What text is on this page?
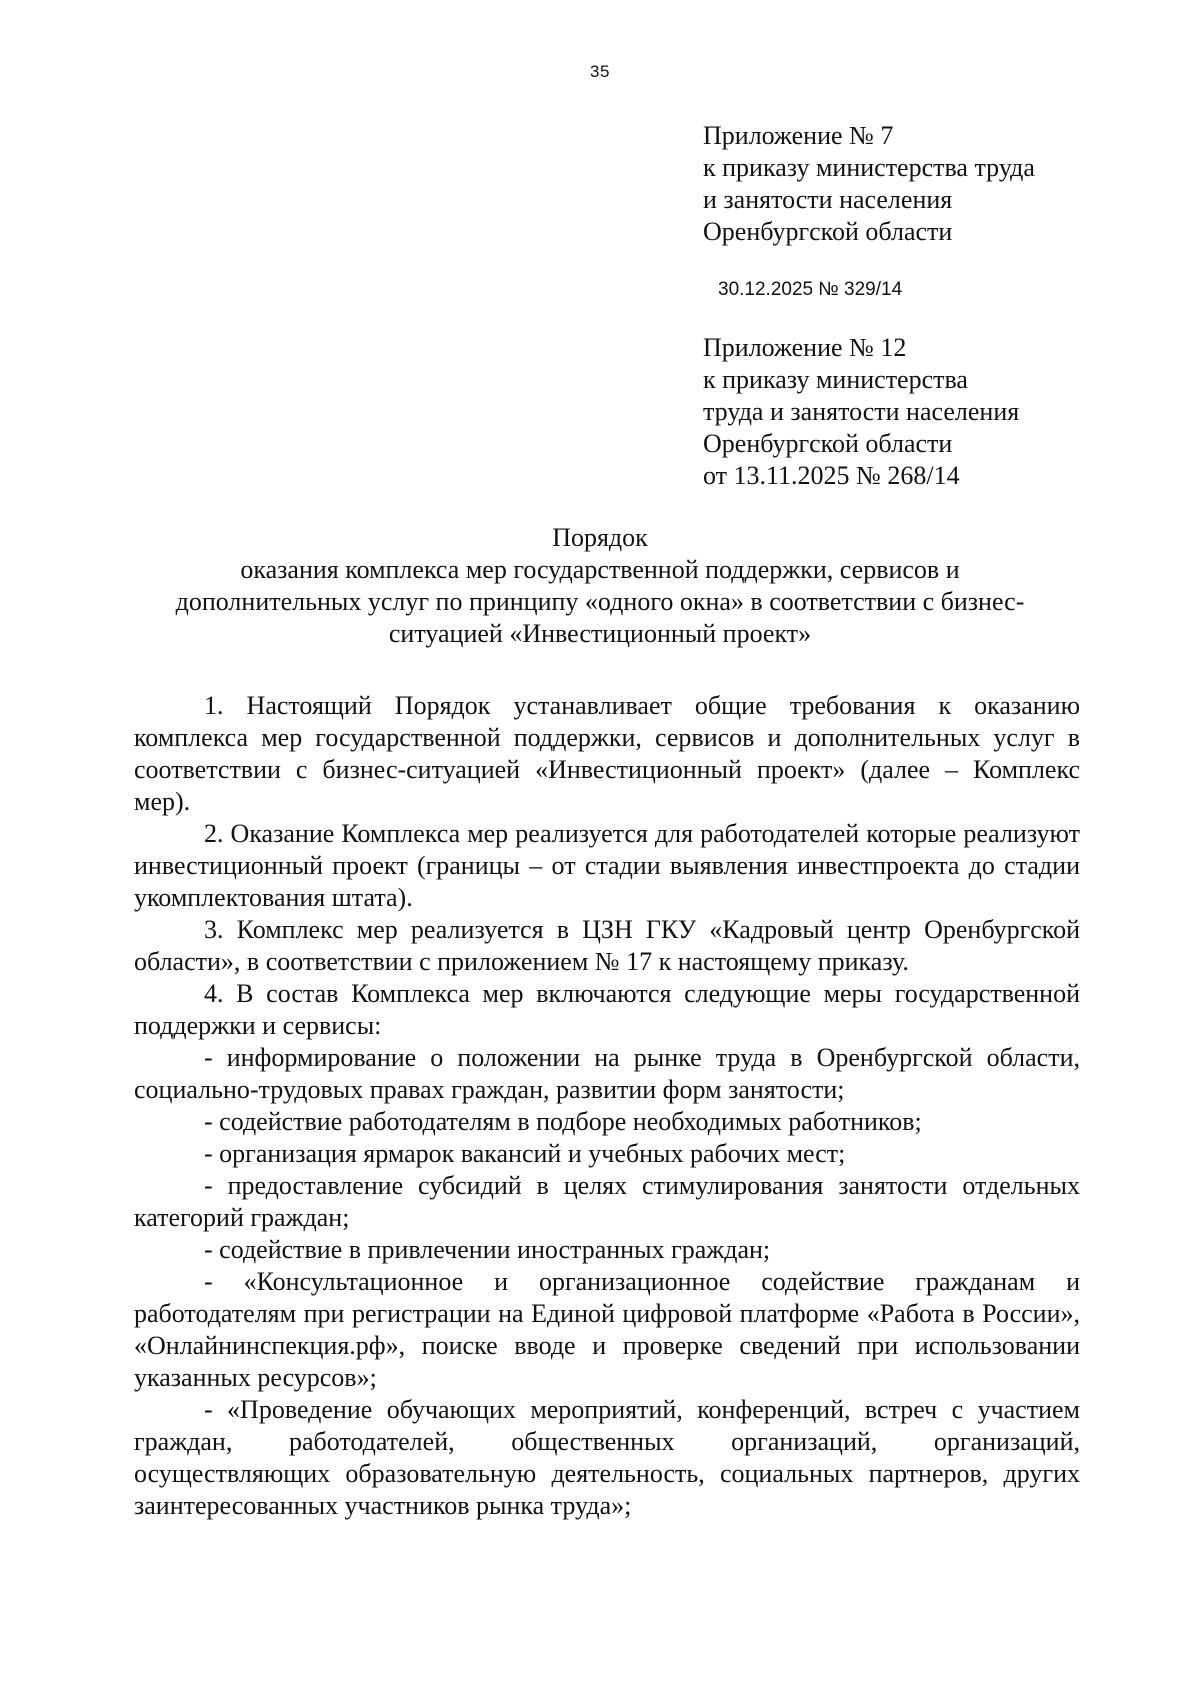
35
Приложение № 7
к приказу министерства труда
и занятости населения
Оренбургской области
30.12.2025 № 329/14
Приложение № 12
к приказу министерства
труда и занятости населения
Оренбургской области
от 13.11.2025 № 268/14
Порядок
оказания комплекса мер государственной поддержки, сервисов и
дополнительных услуг по принципу «одного окна» в соответствии с бизнес-
ситуацией «Инвестиционный проект»

1. Настоящий Порядок устанавливает общие требования к оказанию комплекса мер государственной поддержки, сервисов и дополнительных услуг в соответствии с бизнес-ситуацией «Инвестиционный проект» (далее – Комплекс мер).

2. Оказание Комплекса мер реализуется для работодателей которые реализуют инвестиционный проект (границы – от стадии выявления инвестпроекта до стадии укомплектования штата).

3. Комплекс мер реализуется в ЦЗН ГКУ «Кадровый центр Оренбургской области», в соответствии с приложением № 17 к настоящему приказу.

4. В состав Комплекса мер включаются следующие меры государственной поддержки и сервисы:

- информирование о положении на рынке труда в Оренбургской области, социально-трудовых правах граждан, развитии форм занятости;

- содействие работодателям в подборе необходимых работников;

- организация ярмарок вакансий и учебных рабочих мест;

- предоставление субсидий в целях стимулирования занятости отдельных категорий граждан;

- содействие в привлечении иностранных граждан;

- «Консультационное и организационное содействие гражданам и работодателям при регистрации на Единой цифровой платформе «Работа в России», «Онлайнинспекция.рф», поиске вводе и проверке сведений при использовании указанных ресурсов»;

- «Проведение обучающих мероприятий, конференций, встреч с участием граждан, работодателей, общественных организаций, организаций, осуществляющих образовательную деятельность, социальных партнеров, других заинтересованных участников рынка труда»;
